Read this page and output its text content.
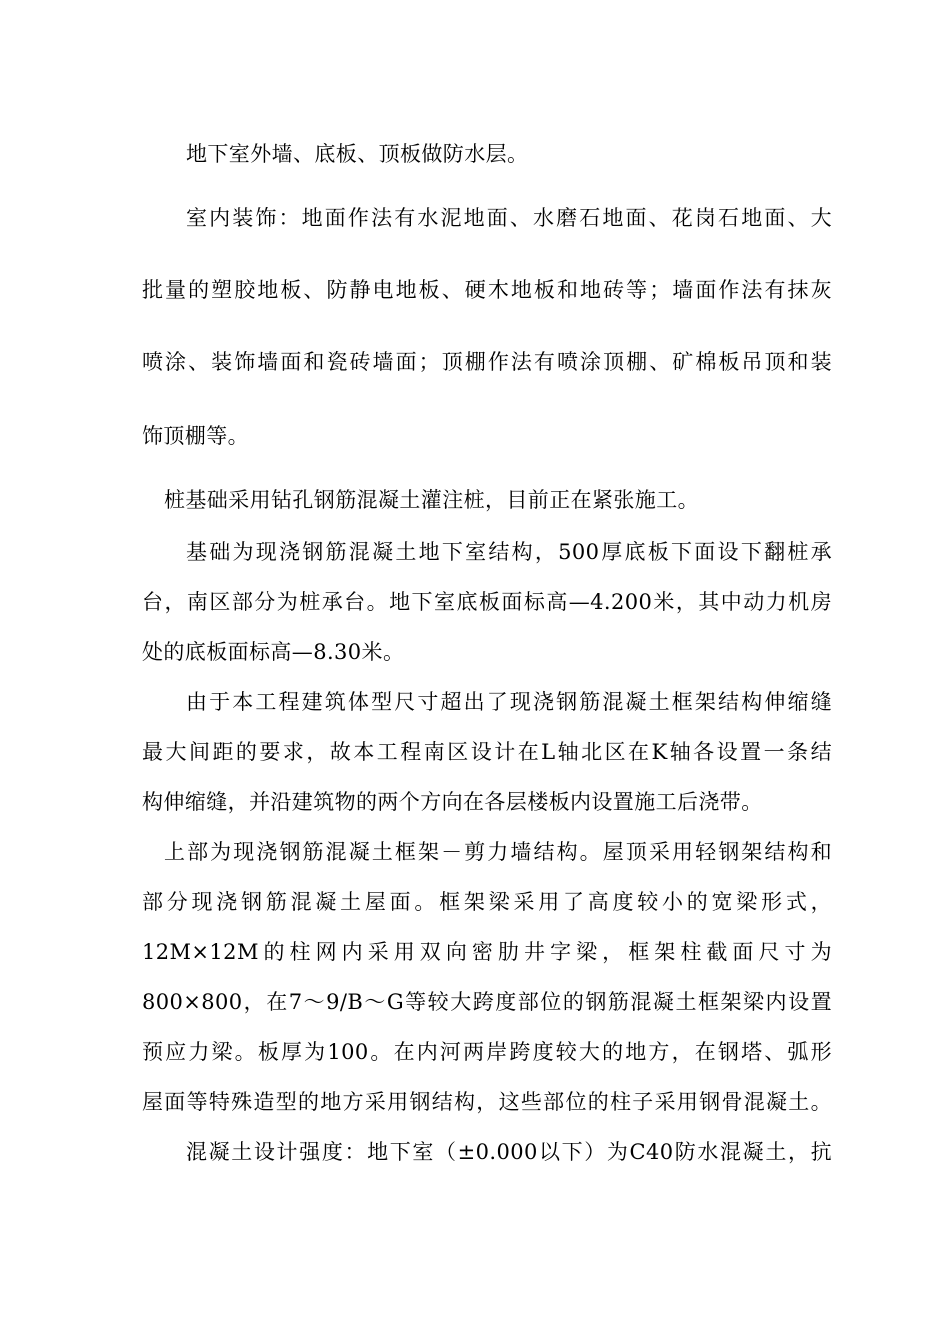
地下室外墙、底板、顶板做防水层。
室内装饰：地面作法有水泥地面、水磨石地面、花岗石地面、大
批量的塑胶地板、防静电地板、硬木地板和地砖等；墙面作法有抹灰
喷涂、装饰墙面和瓷砖墙面；顶棚作法有喷涂顶棚、矿棉板吊顶和装
饰顶棚等。
桩基础采用钻孔钢筋混凝土灌注桩，目前正在紧张施工。
基础为现浇钢筋混凝土地下室结构，500厚底板下面设下翻桩承
台，南区部分为桩承台。地下室底板面标高—4.200米，其中动力机房
处的底板面标高—8.30米。
由于本工程建筑体型尺寸超出了现浇钢筋混凝土框架结构伸缩缝
最大间距的要求，故本工程南区设计在L轴北区在K轴各设置一条结
构伸缩缝，并沿建筑物的两个方向在各层楼板内设置施工后浇带。
上部为现浇钢筋混凝土框架－剪力墙结构。屋顶采用轻钢架结构和
部分现浇钢筋混凝土屋面。框架梁采用了高度较小的宽梁形式，
12M×12M的柱网内采用双向密肋井字梁，框架柱截面尺寸为
800×800，在7～9/B～G等较大跨度部位的钢筋混凝土框架梁内设置
预应力梁。板厚为100。在内河两岸跨度较大的地方，在钢塔、弧形
屋面等特殊造型的地方采用钢结构，这些部位的柱子采用钢骨混凝土。
混凝土设计强度：地下室（±0.000以下）为C40防水混凝土，抗
